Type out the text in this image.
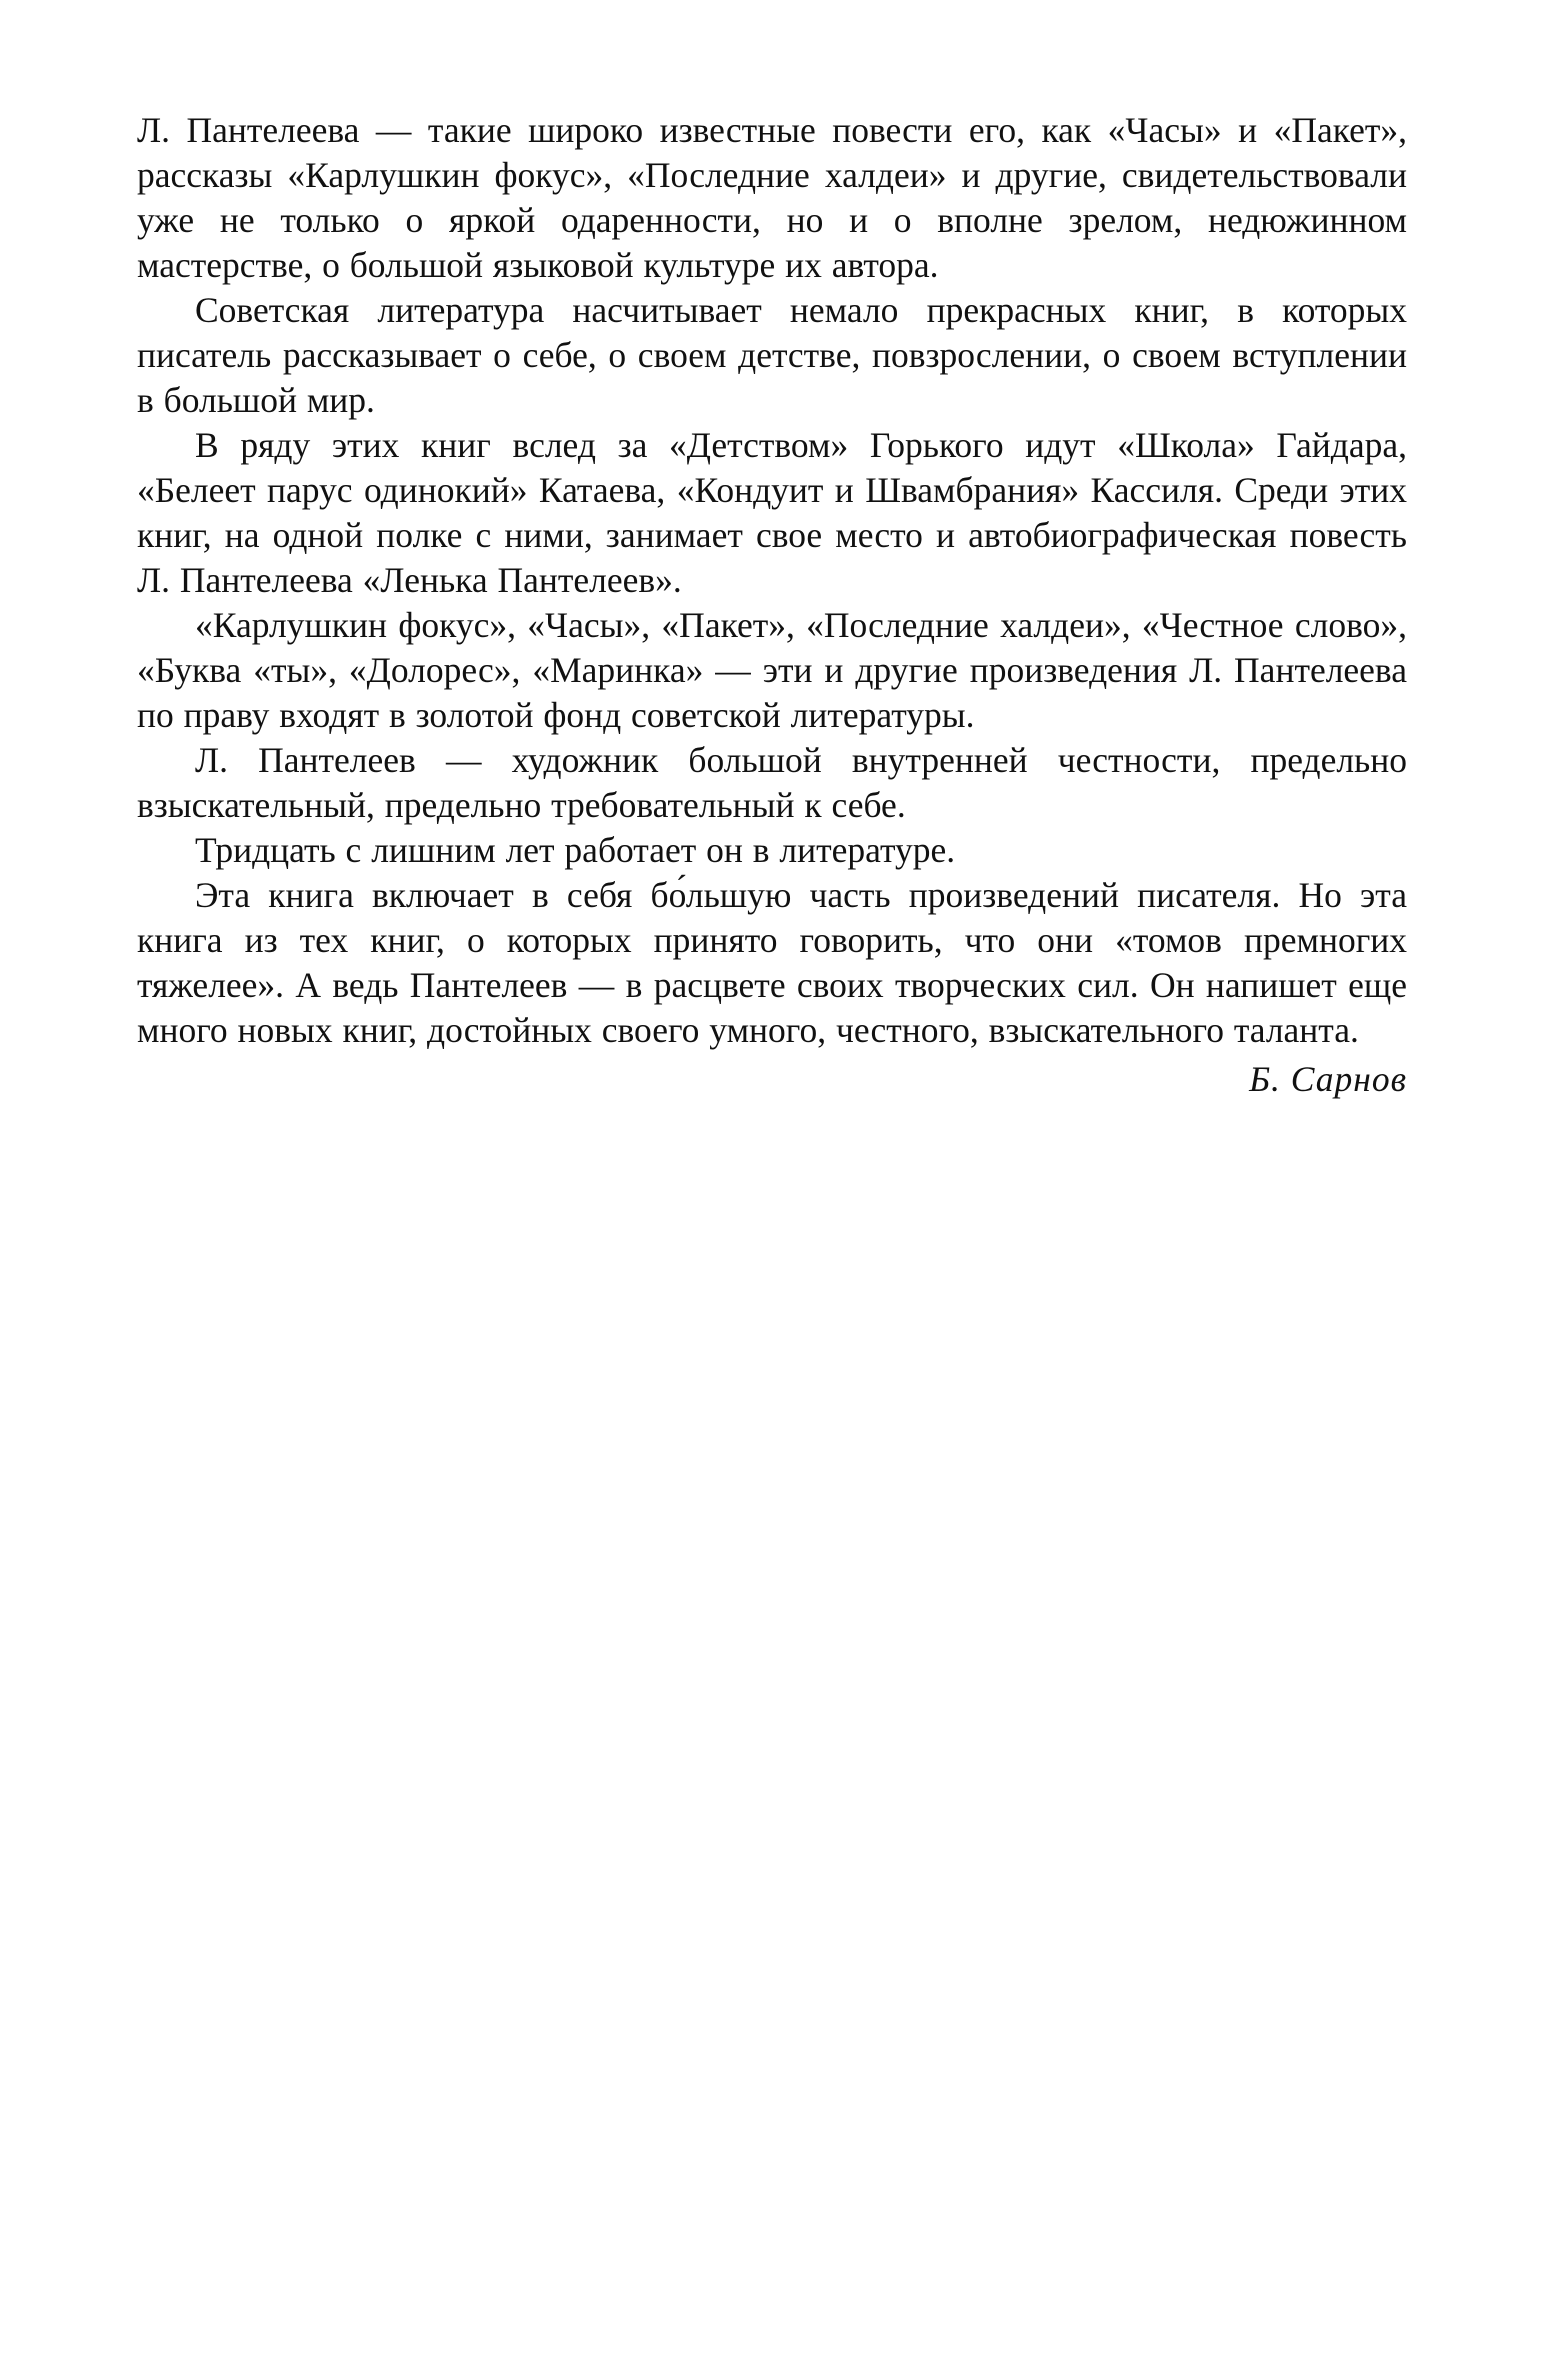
Л. Пантелеева — такие широко известные повести его, как «Часы» и «Пакет», рассказы «Карлушкин фокус», «Последние халдеи» и другие, свидетельствовали уже не только о яркой одаренности, но и о вполне зрелом, недюжинном мастерстве, о большой языковой культуре их автора.

Советская литература насчитывает немало прекрасных книг, в которых писатель рассказывает о себе, о своем детстве, повзрослении, о своем вступлении в большой мир.

В ряду этих книг вслед за «Детством» Горького идут «Школа» Гайдара, «Белеет парус одинокий» Катаева, «Кондуит и Швамбрания» Кассиля. Среди этих книг, на одной полке с ними, занимает свое место и автобиографическая повесть Л. Пантелеева «Ленька Пантелеев».

«Карлушкин фокус», «Часы», «Пакет», «Последние халдеи», «Честное слово», «Буква «ты», «Долорес», «Маринка» — эти и другие произведения Л. Пантелеева по праву входят в золотой фонд советской литературы.

Л. Пантелеев — художник большой внутренней честности, предельно взыскательный, предельно требовательный к себе.

Тридцать с лишним лет работает он в литературе.

Эта книга включает в себя бо́льшую часть произведений писателя. Но эта книга из тех книг, о которых принято говорить, что они «томов премногих тяжелее». А ведь Пантелеев — в расцвете своих творческих сил. Он напишет еще много новых книг, достойных своего умного, честного, взыскательного таланта.

Б. Сарнов
